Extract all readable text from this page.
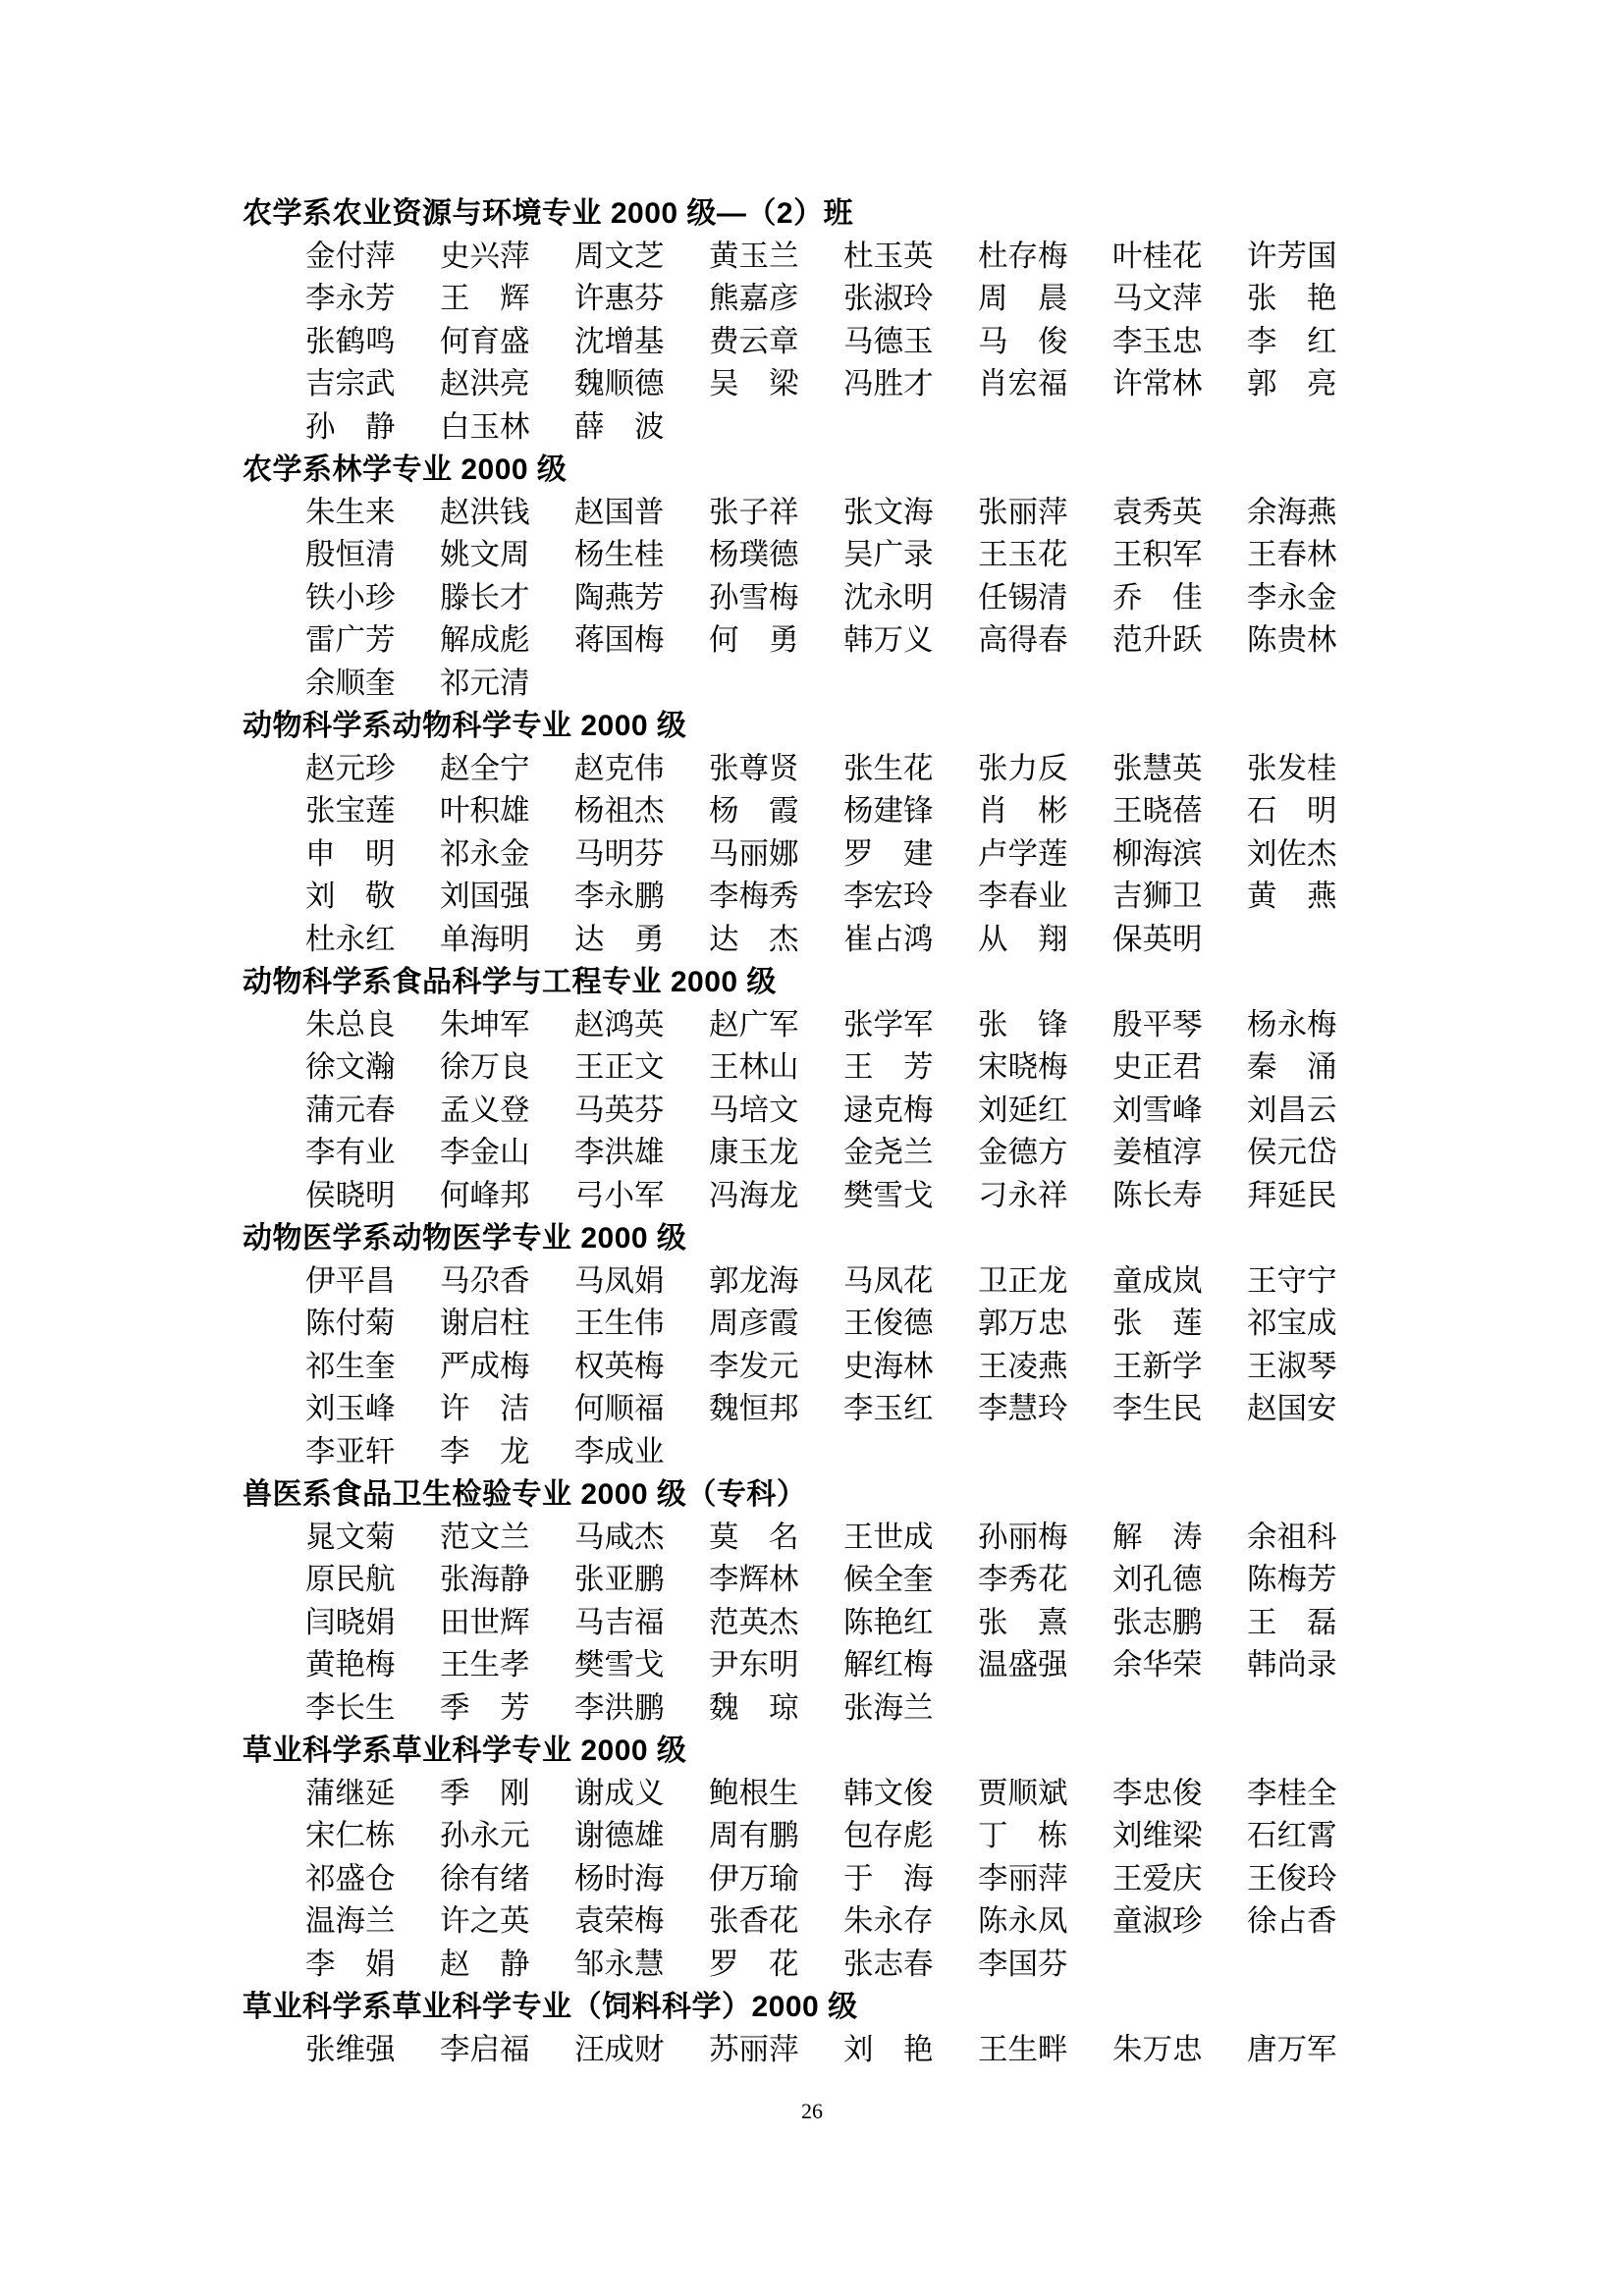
农学系农业资源与环境专业 2000 级—（2）班
金付萍 史兴萍 周文芝 黄玉兰 杜玉英 杜存梅 叶桂花 许芳国
李永芳 王　辉 许惠芬 熊嘉彦 张淑玲 周　晨 马文萍 张　艳
张鹤鸣 何育盛 沈增基 费云章 马德玉 马　俊 李玉忠 李　红
吉宗武 赵洪亮 魏顺德 吴　梁 冯胜才 肖宏福 许常林 郭　亮
孙　静 白玉林 薛　波
农学系林学专业 2000 级
朱生来 赵洪钱 赵国普 张子祥 张文海 张丽萍 袁秀英 余海燕
殷恒清 姚文周 杨生桂 杨璞德 吴广录 王玉花 王积军 王春林
铁小珍 滕长才 陶燕芳 孙雪梅 沈永明 任锡清 乔　佳 李永金
雷广芳 解成彪 蒋国梅 何　勇 韩万义 高得春 范升跃 陈贵林
余顺奎 祁元清
动物科学系动物科学专业 2000 级
赵元珍 赵全宁 赵克伟 张尊贤 张生花 张力反 张慧英 张发桂
张宝莲 叶积雄 杨祖杰 杨　霞 杨建锋 肖　彬 王晓蓓 石　明
申　明 祁永金 马明芬 马丽娜 罗　建 卢学莲 柳海滨 刘佐杰
刘　敬 刘国强 李永鹏 李梅秀 李宏玲 李春业 吉狮卫 黄　燕
杜永红 单海明 达　勇 达　杰 崔占鸿 从　翔 保英明
动物科学系食品科学与工程专业 2000 级
朱总良 朱坤军 赵鸿英 赵广军 张学军 张　锋 殷平琴 杨永梅
徐文瀚 徐万良 王正文 王林山 王　芳 宋晓梅 史正君 秦　涌
蒲元春 孟义登 马英芬 马培文 逯克梅 刘延红 刘雪峰 刘昌云
李有业 李金山 李洪雄 康玉龙 金尧兰 金德方 姜植淳 侯元岱
侯晓明 何峰邦 弓小军 冯海龙 樊雪戈 刁永祥 陈长寿 拜延民
动物医学系动物医学专业 2000 级
伊平昌 马尕香 马凤娟 郭龙海 马凤花 卫正龙 童成岚 王守宁
陈付菊 谢启柱 王生伟 周彦霞 王俊德 郭万忠 张　莲 祁宝成
祁生奎 严成梅 权英梅 李发元 史海林 王凌燕 王新学 王淑琴
刘玉峰 许　洁 何顺福 魏恒邦 李玉红 李慧玲 李生民 赵国安
李亚轩 李　龙 李成业
兽医系食品卫生检验专业 2000 级（专科）
晁文菊 范文兰 马咸杰 莫　名 王世成 孙丽梅 解　涛 余祖科
原民航 张海静 张亚鹏 李辉林 候全奎 李秀花 刘孔德 陈梅芳
闫晓娟 田世辉 马吉福 范英杰 陈艳红 张　熹 张志鹏 王　磊
黄艳梅 王生孝 樊雪戈 尹东明 解红梅 温盛强 余华荣 韩尚录
李长生 季　芳 李洪鹏 魏　琼 张海兰
草业科学系草业科学专业 2000 级
蒲继延 季　刚 谢成义 鲍根生 韩文俊 贾顺斌 李忠俊 李桂全
宋仁栋 孙永元 谢德雄 周有鹏 包存彪 丁　栋 刘维梁 石红霄
祁盛仓 徐有绪 杨时海 伊万瑜 于　海 李丽萍 王爱庆 王俊玲
温海兰 许之英 袁荣梅 张香花 朱永存 陈永凤 童淑珍 徐占香
李　娟 赵　静 邹永慧 罗　花 张志春 李国芬
草业科学系草业科学专业（饲料科学）2000 级
张维强 李启福 汪成财 苏丽萍 刘　艳 王生畔 朱万忠 唐万军
26
